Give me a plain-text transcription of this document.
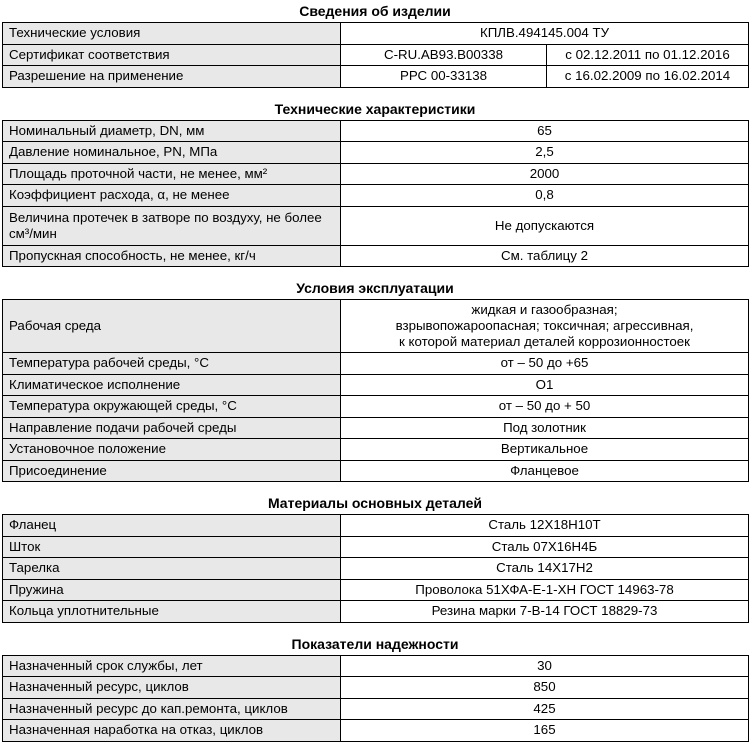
Сведения об изделии
Технические условия	КПЛВ.494145.004 ТУ	
Сертификат соответствия	C-RU.AB93.B00338	с 02.12.2011 по 01.12.2016
Разрешение на применение	РРС 00-33138	с 16.02.2009 по 16.02.2014
Технические характеристики
Номинальный диаметр, DN, мм	65
Давление номинальное, PN, МПа	2,5
Площадь проточной части, не менее, мм²	2000
Коэффициент расхода, α, не менее	0,8
Величина протечек в затворе по воздуху, не более см³/мин	Не допускаются
Пропускная способность, не менее, кг/ч	См. таблицу 2
Условия эксплуатации
Рабочая среда	жидкая и газообразная;
взрывопожароопасная; токсичная; агрессивная,
к которой материал деталей коррозионностоек

Температура рабочей среды, °С	от – 50 до +65
Климатическое исполнение	О1
Температура окружающей среды, °С	от – 50 до + 50
Направление подачи рабочей среды	Под золотник
Установочное положение	Вертикальное
Присоединение	Фланцевое
Материалы основных деталей
Фланец	Сталь 12Х18Н10Т
Шток	Сталь 07Х16Н4Б
Тарелка	Сталь 14Х17Н2
Пружина	Проволока 51ХФА-Е-1-ХН ГОСТ 14963-78
Кольца уплотнительные	Резина марки 7-В-14 ГОСТ 18829-73
Показатели надежности
Назначенный срок службы, лет	30
Назначенный ресурс, циклов	850
Назначенный ресурс до кап.ремонта, циклов	425
Назначенная наработка на отказ, циклов	165
